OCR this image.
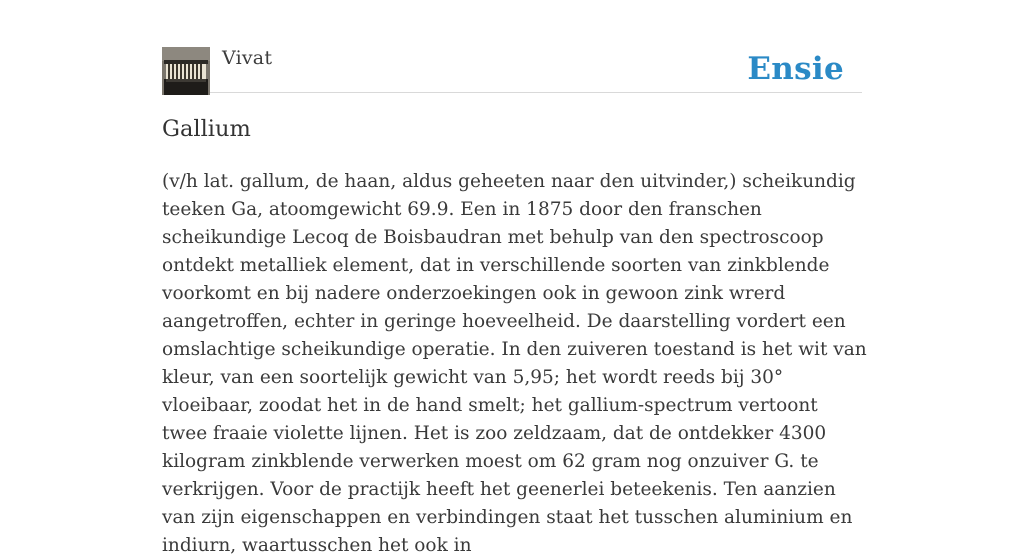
Vivat	Ensie
Gallium

(v/h lat. gallum, de haan, aldus geheeten naar den uitvinder,) scheikundig teeken Ga, atoomgewicht 69.9. Een in 1875 door den franschen scheikundige Lecoq de Boisbaudran met behulp van den spectroscoop ontdekt metalliek element, dat in verschillende soorten van zinkblende voorkomt en bij nadere onderzoekingen ook in gewoon zink wrerd aangetroffen, echter in geringe hoeveelheid. De daarstelling vordert een omslachtige scheikundige operatie. In den zuiveren toestand is het wit van kleur, van een soortelijk gewicht van 5,95; het wordt reeds bij 30° vloeibaar, zoodat het in de hand smelt; het gallium-spectrum vertoont twee fraaie violette lijnen. Het is zoo zeldzaam, dat de ontdekker 4300 kilogram zinkblende verwerken moest om 62 gram nog onzuiver G. te verkrijgen. Voor de practijk heeft het geenerlei beteekenis. Ten aanzien van zijn eigenschappen en verbindingen staat het tusschen aluminium en indiurn, waartusschen het ook in
